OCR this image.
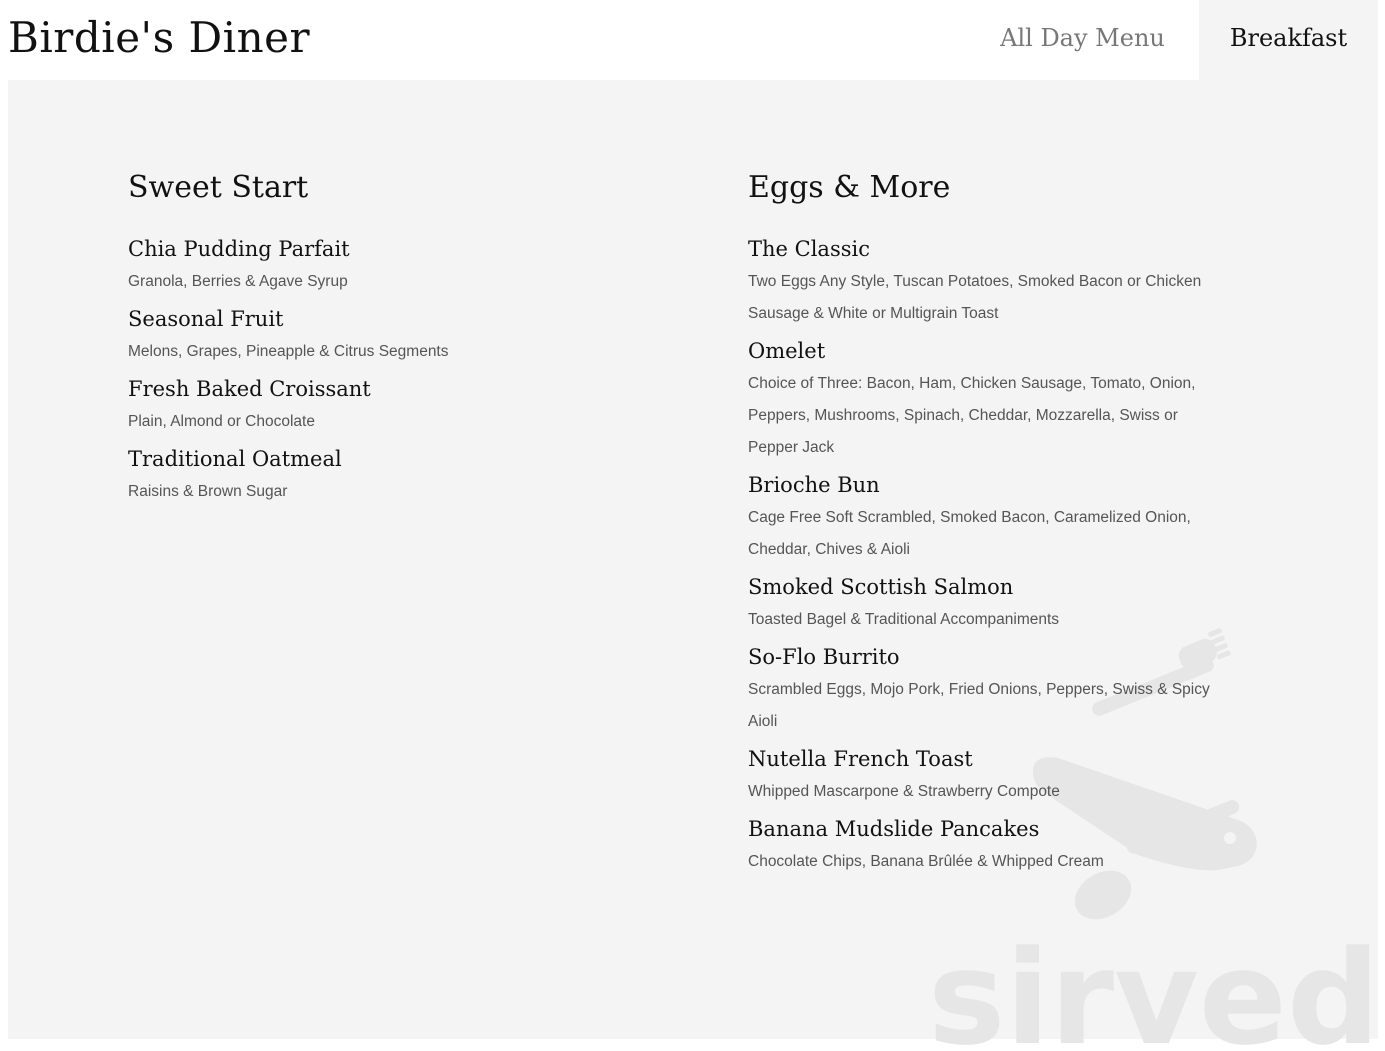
Birdie's Diner	All Day Menu	Breakfast
sirved
Sweet Start
Chia Pudding Parfait
Granola, Berries & Agave Syrup
Seasonal Fruit
Melons, Grapes, Pineapple & Citrus Segments
Fresh Baked Croissant
Plain, Almond or Chocolate
Traditional Oatmeal
Raisins & Brown Sugar
Eggs & More
The Classic
Two Eggs Any Style, Tuscan Potatoes, Smoked Bacon or Chicken Sausage & White or Multigrain Toast
Omelet
Choice of Three: Bacon, Ham, Chicken Sausage, Tomato, Onion, Peppers, Mushrooms, Spinach, Cheddar, Mozzarella, Swiss or Pepper Jack
Brioche Bun
Cage Free Soft Scrambled, Smoked Bacon, Caramelized Onion, Cheddar, Chives & Aioli
Smoked Scottish Salmon
Toasted Bagel & Traditional Accompaniments
So-Flo Burrito
Scrambled Eggs, Mojo Pork, Fried Onions, Peppers, Swiss & Spicy Aioli
Nutella French Toast
Whipped Mascarpone & Strawberry Compote
Banana Mudslide Pancakes
Chocolate Chips, Banana Brûlée & Whipped Cream
